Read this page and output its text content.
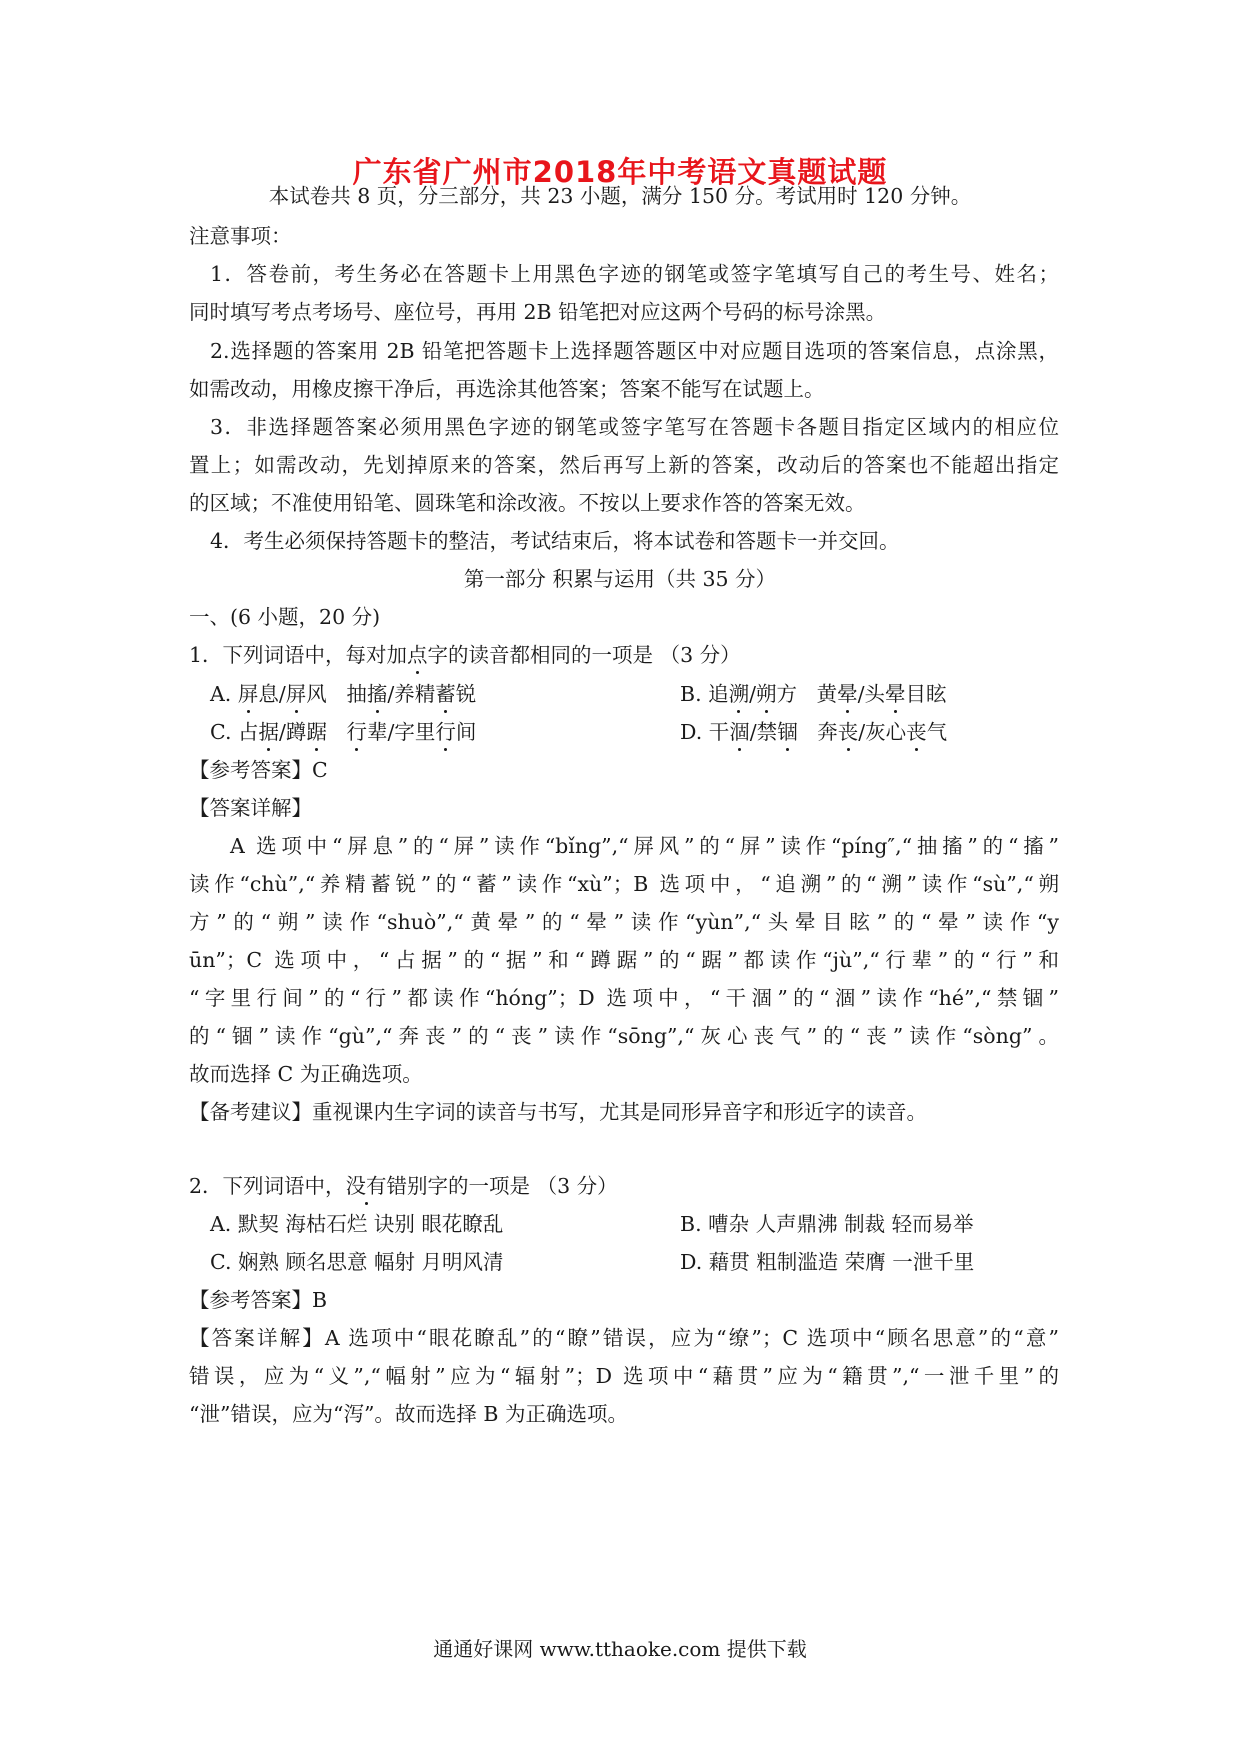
广东省广州市2018年中考语文真题试题
本试卷共 8 页，分三部分，共 23 小题，满分 150 分。考试用时 120 分钟。
注意事项：
1．答卷前，考生务必在答题卡上用黑色字迹的钢笔或签字笔填写自己的考生号、姓名；
同时填写考点考场号、座位号，再用 2B 铅笔把对应这两个号码的标号涂黑。
2.选择题的答案用 2B 铅笔把答题卡上选择题答题区中对应题目选项的答案信息，点涂黑，
如需改动，用橡皮擦干净后，再选涂其他答案；答案不能写在试题上。
3．非选择题答案必须用黑色字迹的钢笔或签字笔写在答题卡各题目指定区域内的相应位
置上；如需改动，先划掉原来的答案，然后再写上新的答案，改动后的答案也不能超出指定
的区域；不准使用铅笔、圆珠笔和涂改液。不按以上要求作答的答案无效。
4．考生必须保持答题卡的整洁，考试结束后，将本试卷和答题卡一并交回。
第一部分 积累与运用（共 35 分）
一、(6 小题，20 分)
1．下列词语中，每对加点字的读音都相同的一项是 （3 分）
A. 屏息/屏风 抽搐/养精蓄锐	B. 追溯/朔方 黄晕/头晕目眩
C. 占据/蹲踞 行辈/字里行间	D. 干涸/禁锢 奔丧/灰心丧气
【参考答案】C
【答案详解】
A 选项中“屏息”的“屏”读作“bǐng”,“屏风”的“屏”读作“píng″,“抽搐”的“搐”
读作“chù”,“养精蓄锐”的“蓄”读作“xù”；B 选项中，“追溯”的“溯”读作“sù”,“朔
方”的“朔”读作“shuò”,“黄晕”的“晕”读作“yùn”,“头晕目眩”的“晕”读作“y
ūn”；C 选项中，“占据”的“据”和“蹲踞”的“踞”都读作“jù”,“行辈”的“行”和
“字里行间”的“行”都读作“hóng”；D 选项中，“干涸”的“涸”读作“hé”,“禁锢”
的“锢”读作“gù”,“奔丧”的“丧”读作“sōng”,“灰心丧气”的“丧”读作“sòng”。
故而选择 C 为正确选项。
【备考建议】重视课内生字词的读音与书写，尤其是同形异音字和形近字的读音。
2．下列词语中，没有错别字的一项是 （3 分）
A. 默契 海枯石烂 诀别 眼花瞭乱	B. 嘈杂 人声鼎沸 制裁 轻而易举
C. 娴熟 顾名思意 幅射 月明风清	D. 藉贯 粗制滥造 荣膺 一泄千里
【参考答案】B
【答案详解】A 选项中“眼花瞭乱”的“瞭”错误，应为“缭”；C 选项中“顾名思意”的“意”
错误，应为“义”,“幅射”应为“辐射”；D 选项中“藉贯”应为“籍贯”,“一泄千里”的
“泄”错误，应为“泻”。故而选择 B 为正确选项。
通通好课网 www.tthaoke.com 提供下载
